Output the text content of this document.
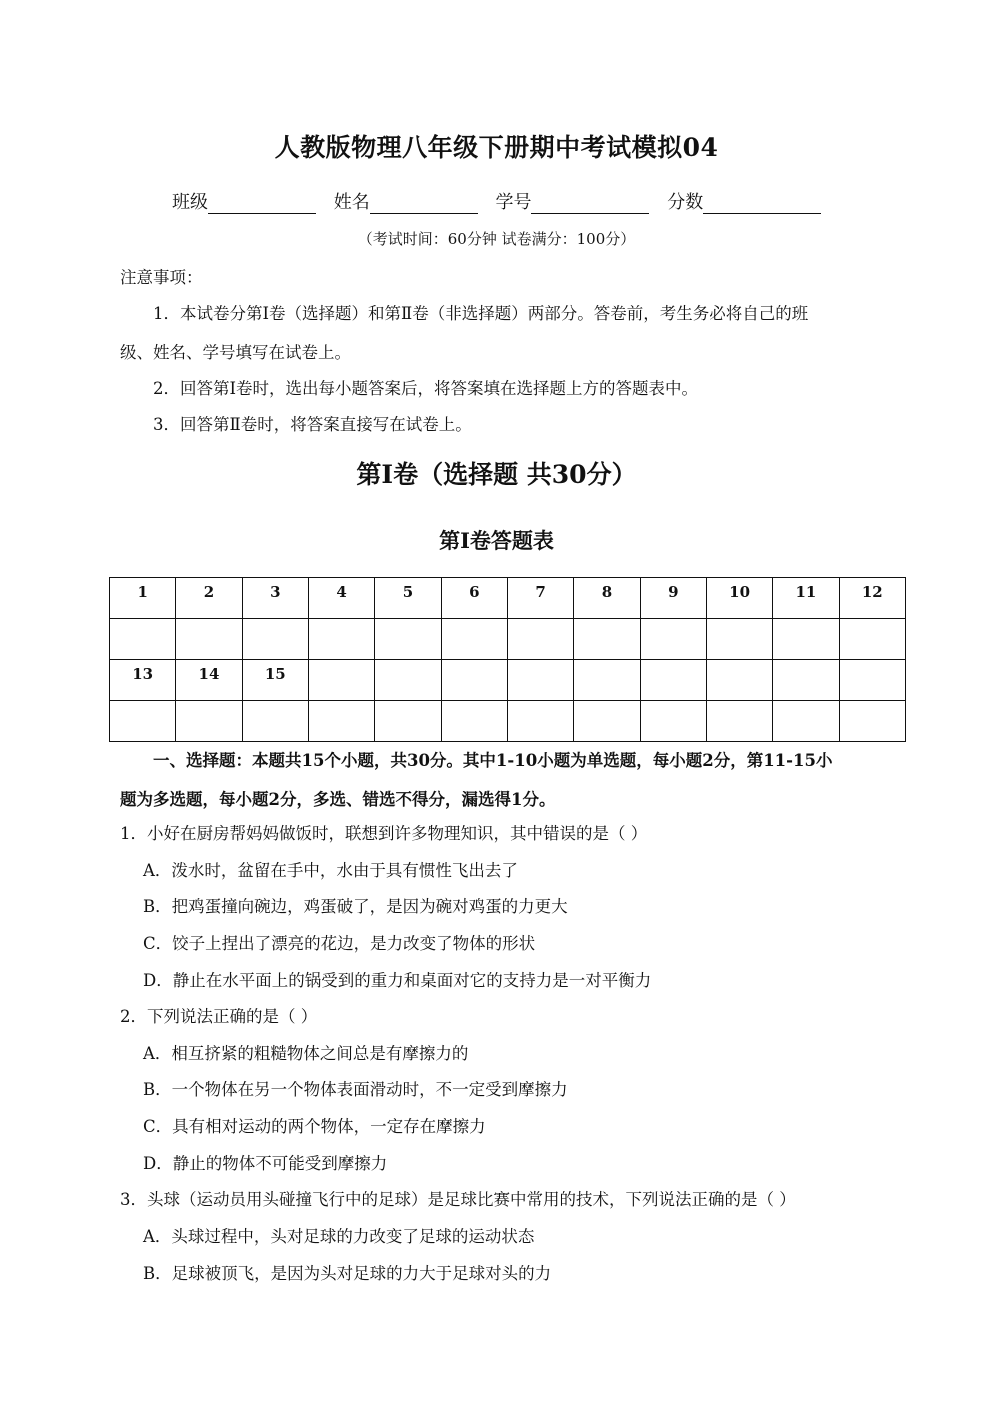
人教版物理八年级下册期中考试模拟04
班级	姓名	学号	分数
（考试时间：60分钟 试卷满分：100分）
注意事项：
1．本试卷分第Ⅰ卷（选择题）和第Ⅱ卷（非选择题）两部分。答卷前，考生务必将自己的班
级、姓名、学号填写在试卷上。
2．回答第Ⅰ卷时，选出每小题答案后，将答案填在选择题上方的答题表中。
3．回答第Ⅱ卷时，将答案直接写在试卷上。
第Ⅰ卷（选择题 共30分）
第Ⅰ卷答题表
1	2	3	4	5	6	7	8	9	10	11	12

13	14	15									

一、选择题：本题共15个小题，共30分。其中1-10小题为单选题，每小题2分，第11-15小
题为多选题，每小题2分，多选、错选不得分，漏选得1分。
1．小好在厨房帮妈妈做饭时，联想到许多物理知识，其中错误的是（ ）
A．泼水时，盆留在手中，水由于具有惯性飞出去了
B．把鸡蛋撞向碗边，鸡蛋破了，是因为碗对鸡蛋的力更大
C．饺子上捏出了漂亮的花边，是力改变了物体的形状
D．静止在水平面上的锅受到的重力和桌面对它的支持力是一对平衡力
2．下列说法正确的是（ ）
A．相互挤紧的粗糙物体之间总是有摩擦力的
B．一个物体在另一个物体表面滑动时，不一定受到摩擦力
C．具有相对运动的两个物体，一定存在摩擦力
D．静止的物体不可能受到摩擦力
3．头球（运动员用头碰撞飞行中的足球）是足球比赛中常用的技术，下列说法正确的是（ ）
A．头球过程中，头对足球的力改变了足球的运动状态
B．足球被顶飞，是因为头对足球的力大于足球对头的力
